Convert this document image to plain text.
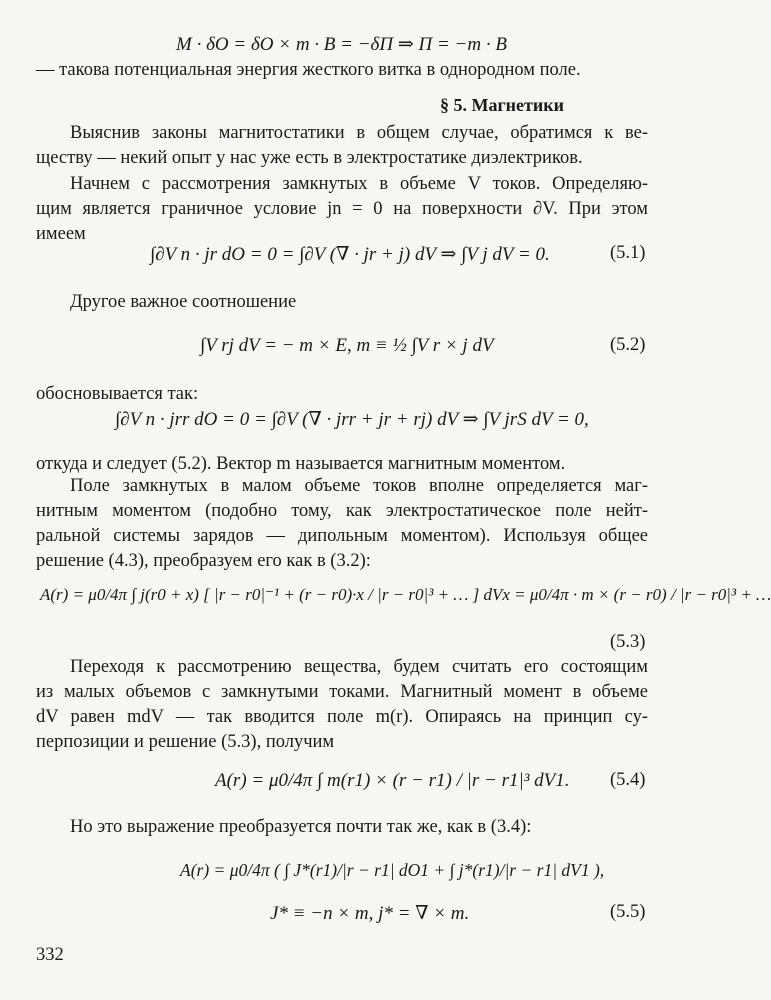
M · δO = δO × m · B = −δΠ ⇒ Π = −m · B
— такова потенциальная энергия жесткого витка в однородном поле.
§ 5. Магнетики
Выяснив законы магнитостатики в общем случае, обратимся к ве-
ществу — некий опыт у нас уже есть в электростатике диэлектриков.
Начнем с рассмотрения замкнутых в объеме V токов. Определяю-
щим является граничное условие jn = 0 на поверхности ∂V. При этом
имеем
∫∂V n · jr dO = 0 = ∫∂V (∇ · jr + j) dV ⇒ ∫V j dV = 0.	(5.1)
Другое важное соотношение
∫V rj dV = − m × E, m ≡ ½ ∫V r × j dV	(5.2)
обосновывается так:
∫∂V n · jrr dO = 0 = ∫∂V (∇ · jrr + jr + rj) dV ⇒ ∫V jrS dV = 0,
откуда и следует (5.2). Вектор m называется магнитным моментом.
Поле замкнутых в малом объеме токов вполне определяется маг-
нитным моментом (подобно тому, как электростатическое поле нейт-
ральной системы зарядов — дипольным моментом). Используя общее
решение (4.3), преобразуем его как в (3.2):
A(r) = μ0/4π ∫ j(r0 + x) [ |r − r0|⁻¹ + (r − r0)·x / |r − r0|³ + … ] dVx = μ0/4π · m × (r − r0) / |r − r0|³ + …
(5.3)
Переходя к рассмотрению вещества, будем считать его состоящим
из малых объемов с замкнутыми токами. Магнитный момент в объеме
dV равен mdV — так вводится поле m(r). Опираясь на принцип су-
перпозиции и решение (5.3), получим
A(r) = μ0/4π ∫ m(r1) × (r − r1) / |r − r1|³ dV1. (5.4)
Но это выражение преобразуется почти так же, как в (3.4):
A(r) = μ0/4π ( ∫ J*(r1)/|r − r1| dO1 + ∫ j*(r1)/|r − r1| dV1 ),
J* ≡ −n × m, j* = ∇ × m.	(5.5)
332
